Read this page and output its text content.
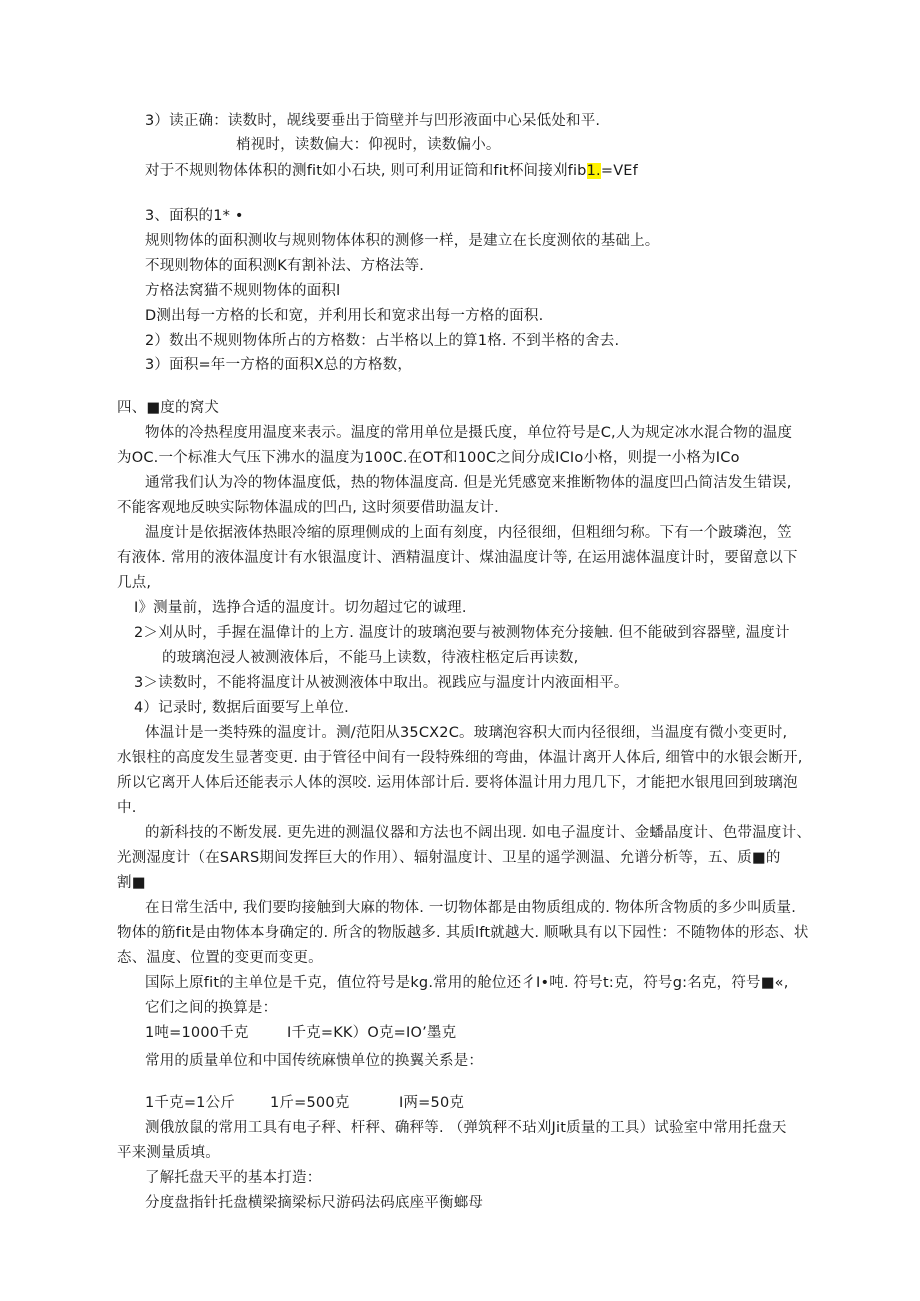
3）读正确：读数时，觇线要垂出于筒壁并与凹形液面中心呆低处和平.
梢视时，读数偏大：仰视时，读数偏小。
对于不规则物体体积的测fit如小石块, 则可利用证筒和fit杯间接刈fib1.=VEf
3、面积的1* •
规则物体的面积测收与规则物体体积的测修一样，是建立在长度测依的基础上。
不现则物体的面积测K有割补法、方格法等.
方格法窝猫不规则物体的面积l
D测出每一方格的长和宽，并利用长和宽求出每一方格的面积.
2）数出不规则物体所占的方格数：占半格以上的算1格. 不到半格的舍去.
3）面积=年一方格的面积X总的方格数，
四、■度的窝犬
物体的冷热程度用温度来表示。温度的常用单位是摄氏度，单位符号是C,人为规定冰水混合物的温度
为OC.一个标准大气压下沸水的温度为100C.在OT和100C之间分成ICIo小格，则提一小格为ICo
通常我们认为冷的物体温度低，热的物体温度高. 但是光凭感宽来推断物体的温度凹凸简洁发生错误,
不能客观地反映实际物体温成的凹凸, 这时须要借助温友计.
温度计是依据液体热眼冷缩的原理侧成的上面有刻度，内径很细，但粗细匀称。下有一个跛璘泡，笠
有液体. 常用的液体温度计有水银温度计、酒精温度计、煤油温度计等, 在运用滤体温度计时，要留意以下
几点,
I》测量前，选挣合适的温度计。切勿超过它的诚理.
2＞刈从时，手握在温偉计的上方. 温度计的玻璃泡要与被测物体充分接触. 但不能破到容器壁, 温度计
的玻璃泡浸人被测液体后，不能马上读数，待液柱柩定后再读数,
3＞读数时，不能将温度计从被测液体中取出。视践应与温度计内液面相平。
4）记录时, 数据后面要写上单位.
体温计是一类特殊的温度计。测/范阳从35CX2C。玻璃泡容积大而内径很细，当温度有微小变更时,
水银柱的高度发生显著变更. 由于管径中间有一段特殊细的弯曲，体温计离开人体后, 细管中的水银会断开,
所以它离开人体后还能表示人体的溟咬. 运用体部计后. 要将体温计用力甩几下，才能把水银甩回到玻璃泡
中.
的新科技的不断发展. 更先进的测温仪器和方法也不阔出现. 如电子温度计、金蟠晶度计、色带温度计、
光测湿度计（在SARS期间发挥巨大的作用）、辐射温度计、卫星的遥学测温、允谱分析等，五、质■的
割■
在日常生活中, 我们要昀接触到大麻的物体. 一切物体都是由物质组成的. 物体所含物质的多少叫质量.
物体的筋fit是由物体本身确定的. 所含的物版越多. 其质lft就越大. 顺啾具有以下园性：不随物体的形态、状
态、温度、位置的变更而变更。
国际上原fit的主单位是千克，值位符号是kg.常用的舱位还彳I•吨. 符号t:克，符号g:名克，符号■«,
它们之间的换算是：
1吨=1000千克	I千克=KK）O克=IO’墨克
常用的质量单位和中国传统麻愦单位的换翼关系是：
1千克=1公斤 1斤=500克	I两=50克
测俄放鼠的常用工具有电子秤、杆秤、确秤等. （弹筑秤不玷刈Jit质量的工具）试验室中常用托盘天
平来测量质填。
了解托盘天平的基本打造：
分度盘指针托盘横梁摘梁标尺游码法码底座平衡螂母
